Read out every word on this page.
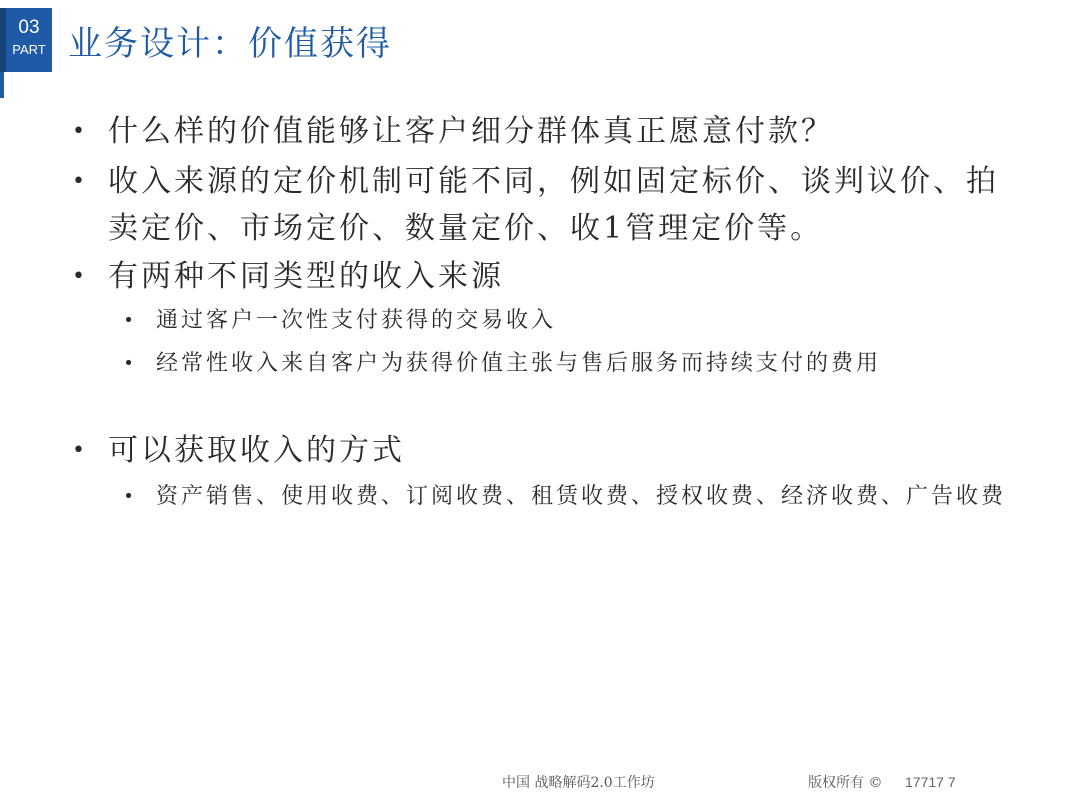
03
PART 业务设计：价值获得
• 什么样的价值能够让客户细分群体真正愿意付款？
• 收入来源的定价机制可能不同，例如固定标价、谈判议价、拍卖定价、市场定价、数量定价、收1管理定价等。
• 有两种不同类型的收入来源
• 通过客户一次性支付获得的交易收入
• 经常性收入来自客户为获得价值主张与售后服务而持续支付的费用
• 可以获取收入的方式
• 资产销售、使用收费、订阅收费、租赁收费、授权收费、经济收费、广告收费
中国 战略解码2.0工作坊	版权所有 © 17717 7
